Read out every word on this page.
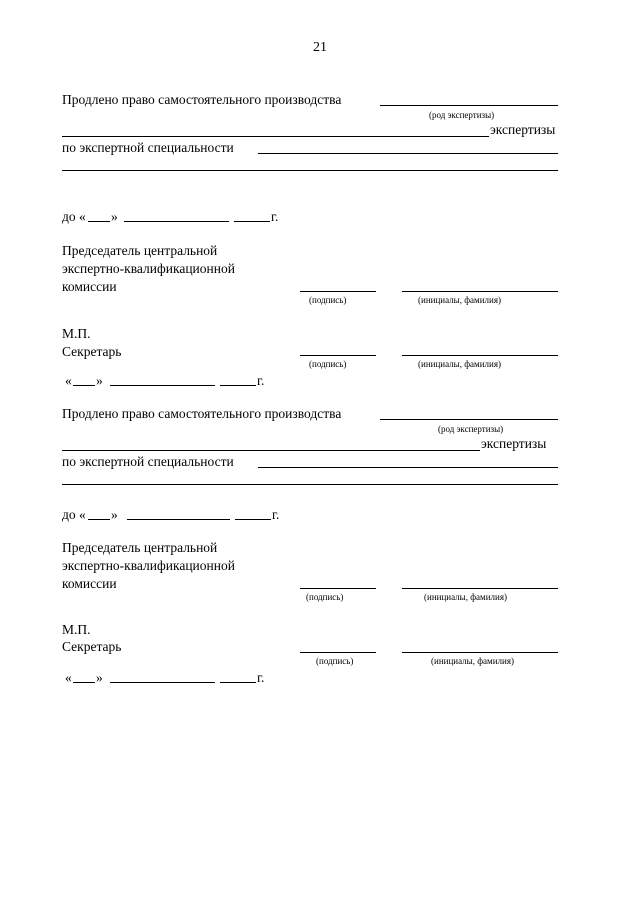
21
Продлено право самостоятельного производства
(род экспертизы)
экспертизы
по экспертной специальности
до « »	г.
Председатель центральной
экспертно-квалификационной
комиссии
(подпись)	(инициалы, фамилия)
М.П.
Секретарь
(подпись)	(инициалы, фамилия)
« »	г.
Продлено право самостоятельного производства
(род экспертизы)
экспертизы
по экспертной специальности
до « »	г.
Председатель центральной
экспертно-квалификационной
комиссии
(подпись)	(инициалы, фамилия)
М.П.
Секретарь
(подпись)	(инициалы, фамилия)
« »	г.
